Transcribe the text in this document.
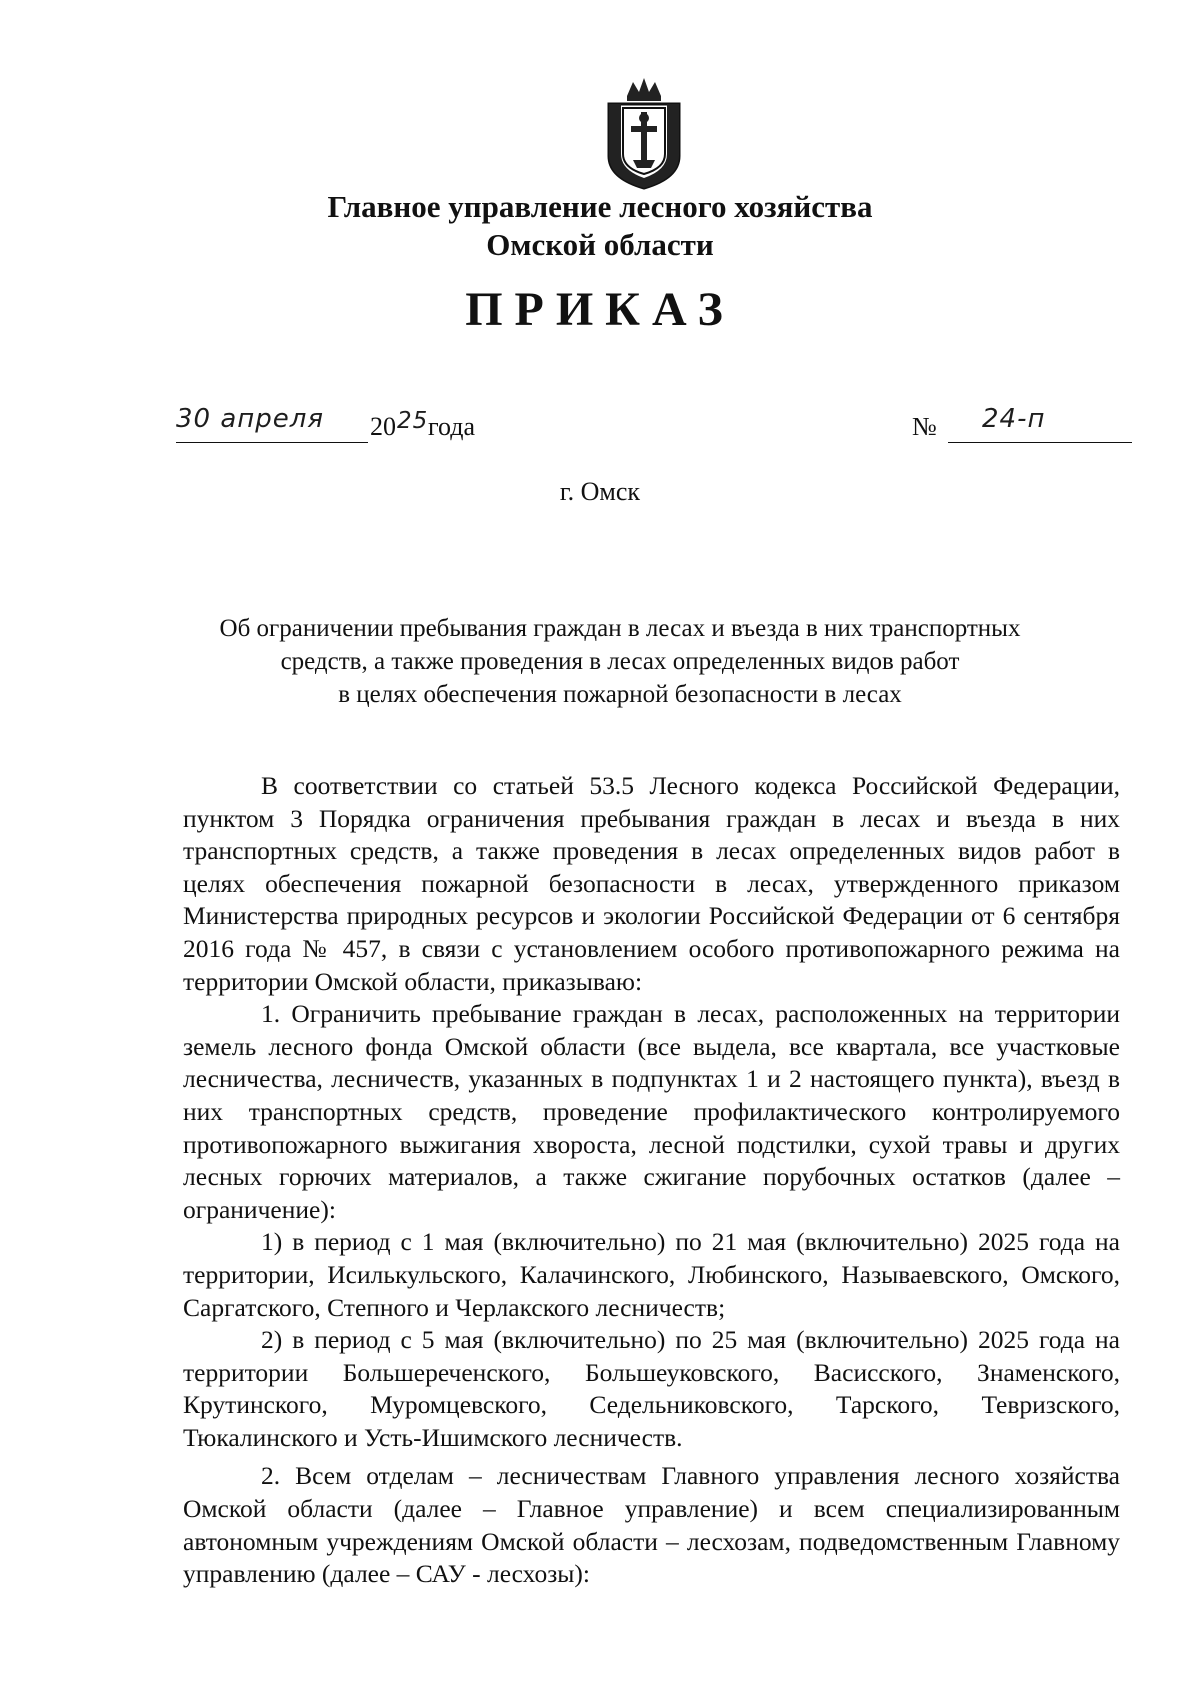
Главное управление лесного хозяйства
Омской области
ПРИКАЗ
30 апреля 20 25 года	№ 24-п
г. Омск
Об ограничении пребывания граждан в лесах и въезда в них транспортных
средств, а также проведения в лесах определенных видов работ
в целях обеспечения пожарной безопасности в лесах

В соответствии со статьей 53.5 Лесного кодекса Российской Федерации, пунктом 3 Порядка ограничения пребывания граждан в лесах и въезда в них транспортных средств, а также проведения в лесах определенных видов работ в целях обеспечения пожарной безопасности в лесах, утвержденного приказом Министерства природных ресурсов и экологии Российской Федерации от 6 сентября 2016 года № 457, в связи с установлением особого противопожарного режима на территории Омской области, приказываю:

1. Ограничить пребывание граждан в лесах, расположенных на территории земель лесного фонда Омской области (все выдела, все квартала, все участковые лесничества, лесничеств, указанных в подпунктах 1 и 2 настоящего пункта), въезд в них транспортных средств, проведение профилактического контролируемого противопожарного выжигания хвороста, лесной подстилки, сухой травы и других лесных горючих материалов, а также сжигание порубочных остатков (далее – ограничение):

1) в период с 1 мая (включительно) по 21 мая (включительно) 2025 года на территории, Исилькульского, Калачинского, Любинского, Называевского, Омского, Саргатского, Степного и Черлакского лесничеств;

2) в период с 5 мая (включительно) по 25 мая (включительно) 2025 года на территории Большереченского, Большеуковского, Васисского, Знаменского, Крутинского, Муромцевского, Седельниковского, Тарского, Тевризского, Тюкалинского и Усть-Ишимского лесничеств.

2. Всем отделам – лесничествам Главного управления лесного хозяйства Омской области (далее – Главное управление) и всем специализированным автономным учреждениям Омской области – лесхозам, подведомственным Главному управлению (далее – САУ - лесхозы):
